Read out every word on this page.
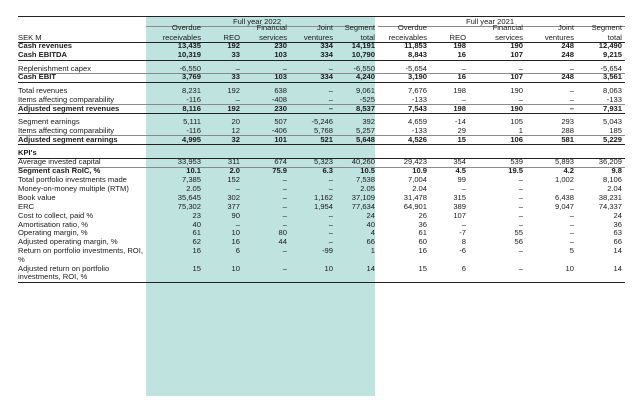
Full year 2022	Full year 2021
	Overdue		Financial	Joint	Segment	Overdue		Financial	Joint	Segment	
SEK M	receivables	REO	services	ventures	total	receivables	REO	services	ventures	total	
Cash revenues	13,435	192	230	334	14,191	11,853	198	190	248	12,490	
Cash EBITDA	10,319	33	103	334	10,790	8,843	16	107	248	9,215	

Replenishment capex	-6,550	–	–	–	-6,550	-5,654	–	–	–	-5,654	
Cash EBIT	3,769	33	103	334	4,240	3,190	16	107	248	3,561	

Total revenues	8,231	192	638	–	9,061	7,676	198	190	–	8,063	
Items affecting comparability	-116	–	-408	–	-525	-133	–	–	–	-133	
Adjusted segment revenues	8,116	192	230	–	8,537	7,543	198	190	–	7,931	

Segment earnings	5,111	20	507	-5,246	392	4,659	-14	105	293	5,043	
Items affecting comparability	-116	12	-406	5,768	5,257	-133	29	1	288	185	
Adjusted segment earnings	4,995	32	101	521	5,648	4,526	15	106	581	5,229	

KPI's											
Average invested capital	33,953	311	674	5,323	40,260	29,423	354	539	5,893	36,209	
Segment cash RoIC, %	10.1	2.0	75.9	6.3	10.5	10.9	4.5	19.5	4.2	9.8	
Total portfolio investments made	7,385	152	–	–	7,538	7,004	99	–	1,002	8,106	
Money-on-money multiple (RTM)	2.05	–	–	–	2.05	2.04	–	–	–	2.04	
Book value	35,645	302	–	1,162	37,109	31,478	315	–	6,438	38,231	
ERC	75,302	377	–	1,954	77,634	64,901	389	–	9,047	74,337	
Cost to collect, paid %	23	90	–	–	24	26	107	–	–	24	
Amortisation ratio, %	40	–	–	–	40	36	–	–	–	36	
Operating margin, %	61	10	80	–	4	61	-7	55	–	63	
Adjusted operating margin, %	62	16	44	–	66	60	8	56	–	66	
Return on portfolio investments, ROI, %	16	6	–	-99	1	16	-6	–	5	14	
Adjusted return on portfolio investments, ROI, %	15	10	–	10	14	15	6	–	10	14	
